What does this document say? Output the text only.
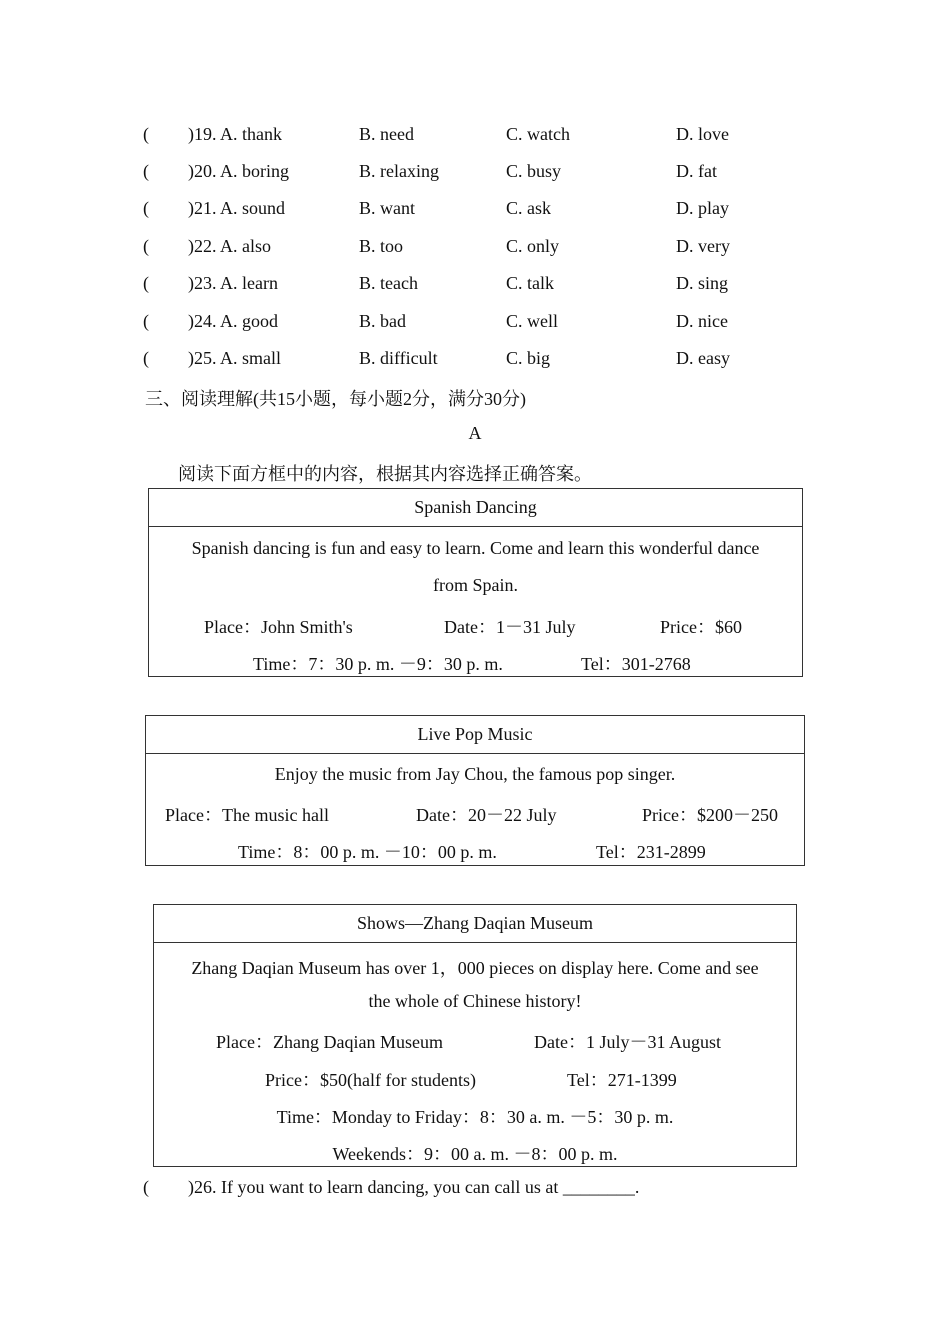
( )19. A. thank	B. need	C. watch	D. love
( )20. A. boring	B. relaxing	C. busy	D. fat
( )21. A. sound	B. want	C. ask	D. play
( )22. A. also	B. too	C. only	D. very
( )23. A. learn	B. teach	C. talk	D. sing
( )24. A. good	B. bad	C. well	D. nice
( )25. A. small	B. difficult	C. big	D. easy
三、阅读理解(共15小题，每小题2分，满分30分)
A
阅读下面方框中的内容，根据其内容选择正确答案。
Spanish Dancing
Spanish dancing is fun and easy to learn. Come and learn this wonderful dance
from Spain.
Place：John Smith's	Date：1－31 July	Price：$60
Time：7：30 p. m. －9：30 p. m.	Tel：301-2768
Live Pop Music
Enjoy the music from Jay Chou, the famous pop singer.
Place：The music hall	Date：20－22 July	Price：$200－250
Time：8：00 p. m. －10：00 p. m.	Tel：231-2899
Shows—Zhang Daqian Museum
Zhang Daqian Museum has over 1，000 pieces on display here. Come and see
the whole of Chinese history!
Place：Zhang Daqian Museum	Date：1 July－31 August
Price：$50(half for students)	Tel：271-1399
Time：Monday to Friday：8：30 a. m. －5：30 p. m.
Weekends：9：00 a. m. －8：00 p. m.
( )26. If you want to learn dancing, you can call us at ________.
